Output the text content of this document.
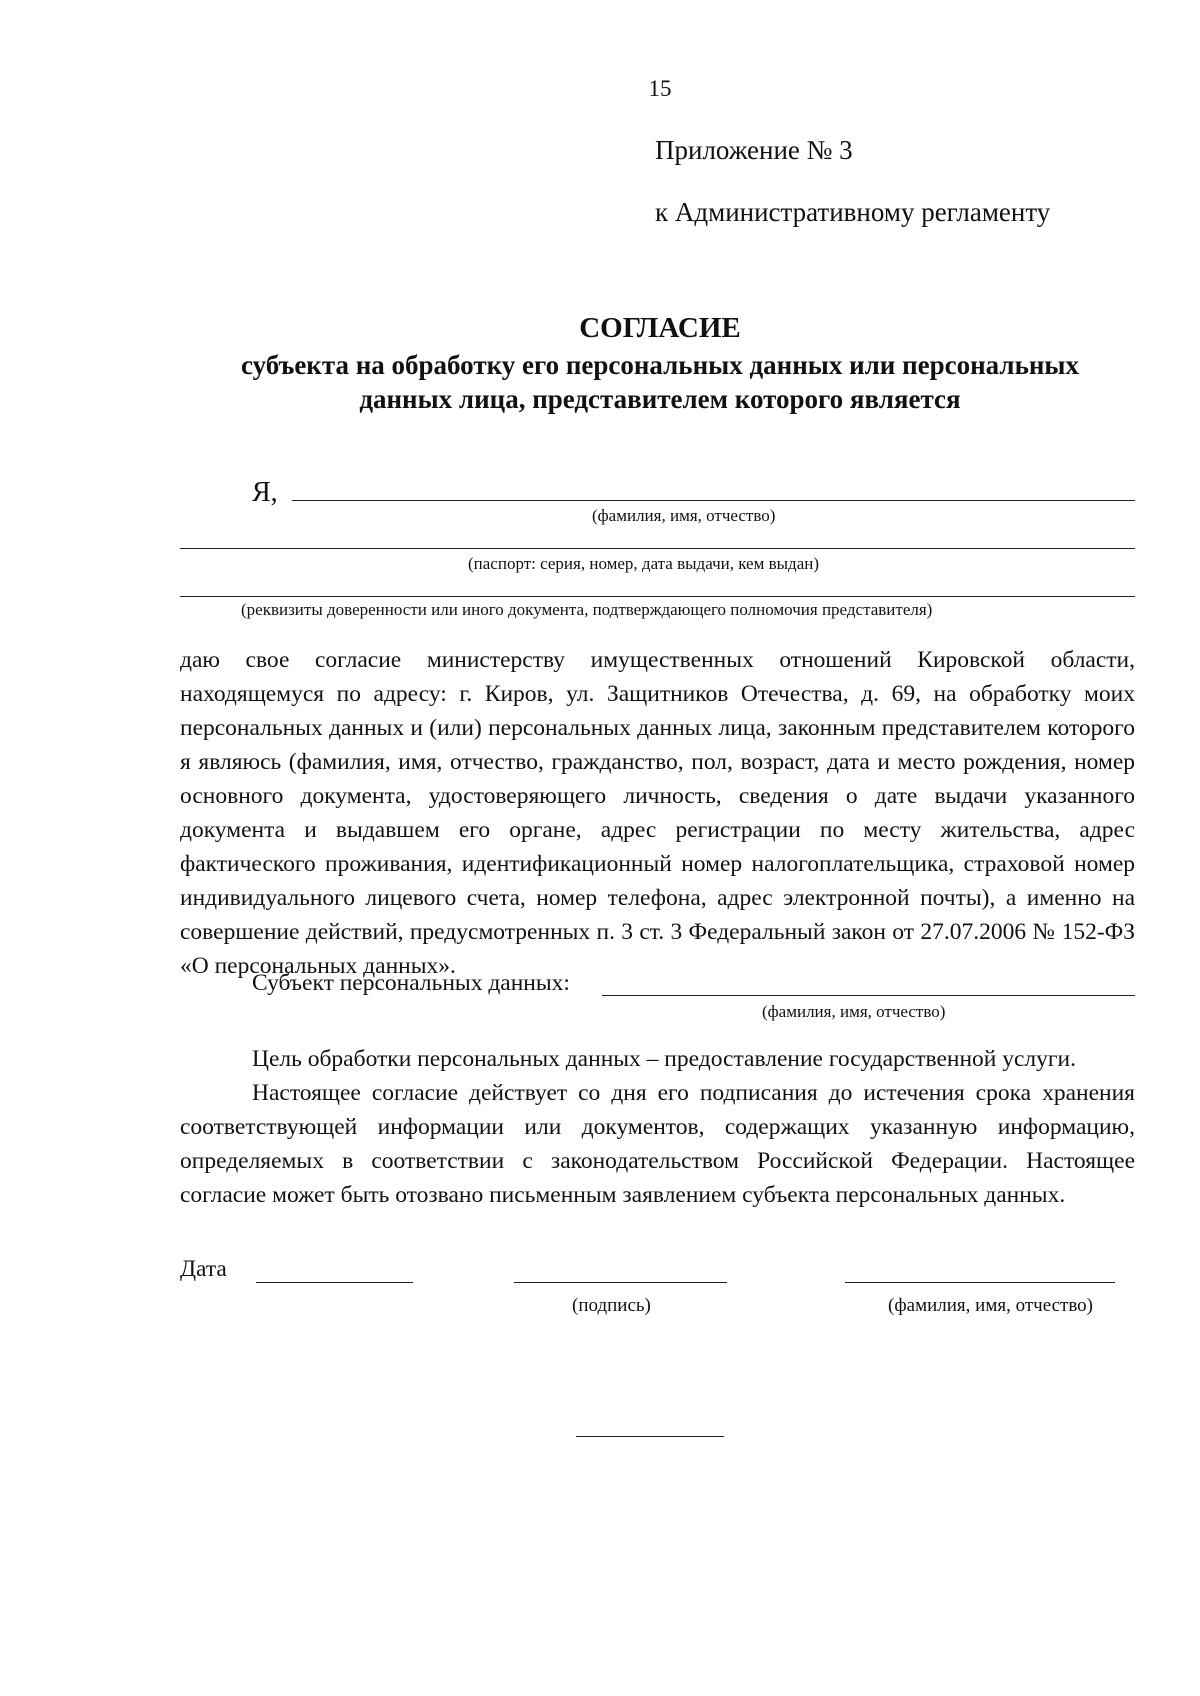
15
Приложение № 3
к Административному регламенту
СОГЛАСИЕ
субъекта на обработку его персональных данных или персональных
данных лица, представителем которого является
Я,
(фамилия, имя, отчество)
(паспорт: серия, номер, дата выдачи, кем выдан)
(реквизиты доверенности или иного документа, подтверждающего полномочия представителя)
даю свое согласие министерству имущественных отношений Кировской области, находящемуся по адресу: г. Киров, ул. Защитников Отечества, д. 69, на обработку моих персональных данных и (или) персональных данных лица, законным представителем которого я являюсь (фамилия, имя, отчество, гражданство, пол, возраст, дата и место рождения, номер основного документа, удостоверяющего личность, сведения о дате выдачи указанного документа и выдавшем его органе, адрес регистрации по месту жительства, адрес фактического проживания, идентификационный номер налогоплательщика, страховой номер индивидуального лицевого счета, номер телефона, адрес электронной почты), а именно на совершение действий, предусмотренных п. 3 ст. 3 Федеральный закон от 27.07.2006 № 152-ФЗ «О персональных данных».
Субъект персональных данных:
(фамилия, имя, отчество)
Цель обработки персональных данных – предоставление государственной услуги.
Настоящее согласие действует со дня его подписания до истечения срока хранения соответствующей информации или документов, содержащих указанную информацию, определяемых в соответствии с законодательством Российской Федерации. Настоящее согласие может быть отозвано письменным заявлением субъекта персональных данных.
Дата
(подпись)	(фамилия, имя, отчество)
